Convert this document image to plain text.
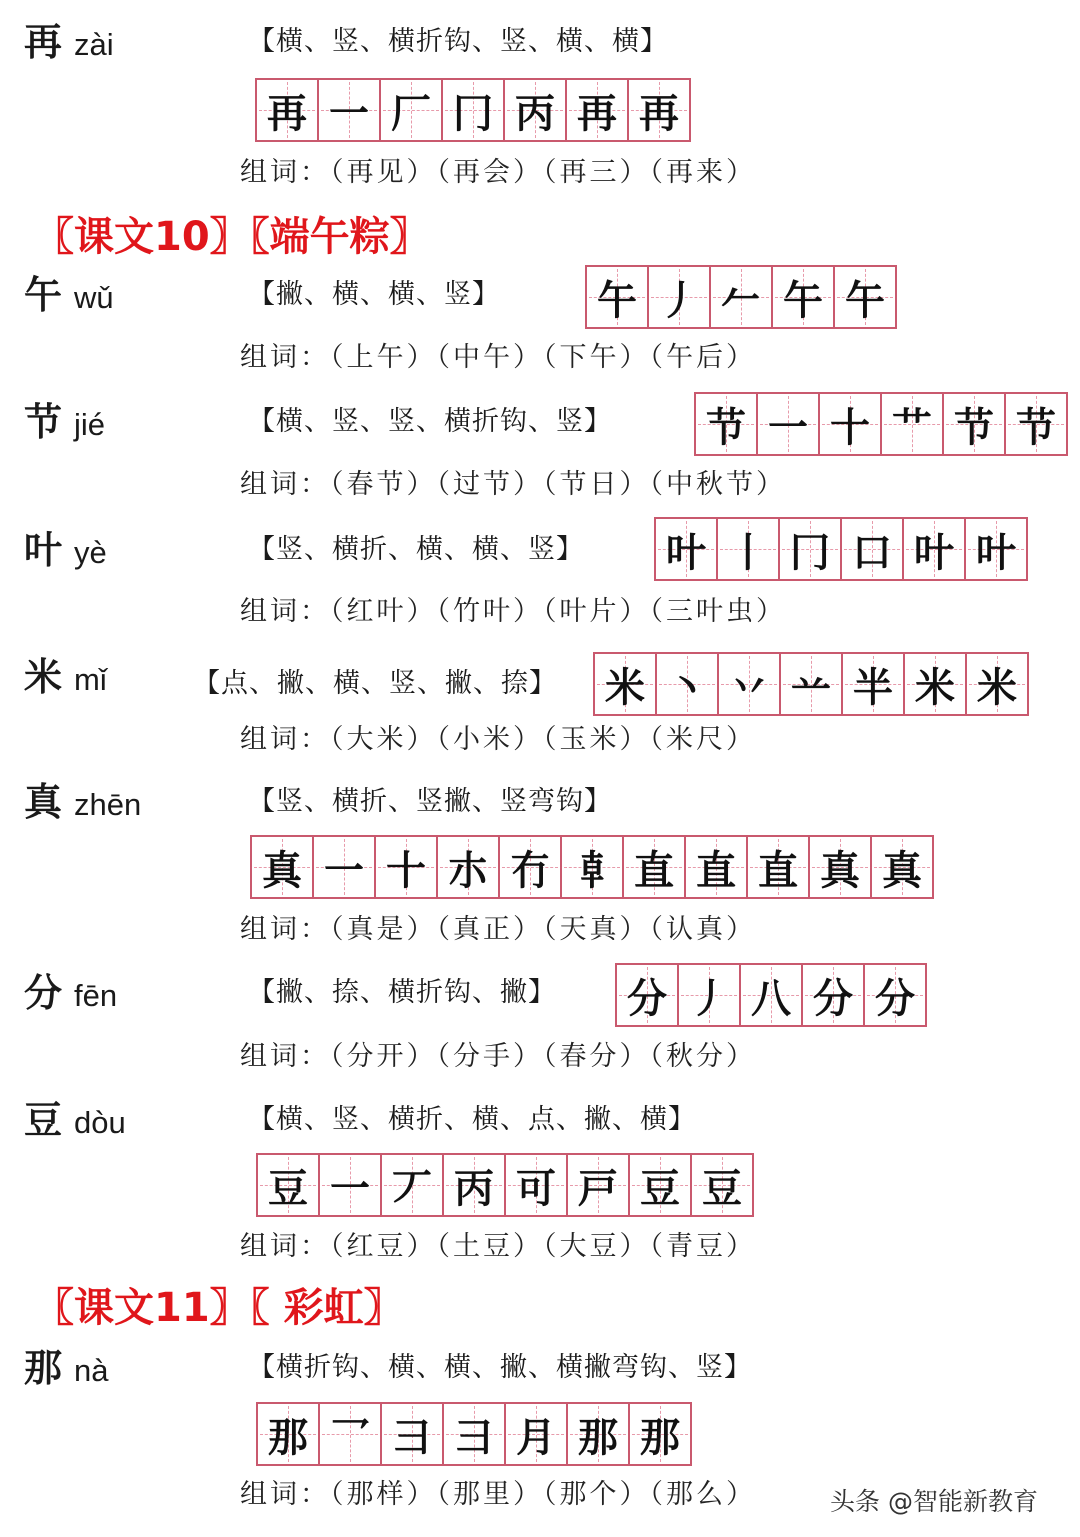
〖课文10〗〖端午粽〗
〖课文11〗〖 彩虹〗
再 zài	【横、竖、横折钩、竖、横、横】
再 一 厂 冂 丙 再 再
组词：（再见）（再会）（再三）（再来）
午 wǔ	【撇、横、横、竖】 午 丿 𠂉 午 午
组词：（上午）（中午）（下午）（午后）
节 jié	【横、竖、竖、横折钩、竖】 节 一 十 艹 节 节
组词：（春节）（过节）（节日）（中秋节）
叶 yè	【竖、横折、横、横、竖】 叶 丨 冂 口 叶 叶
组词：（红叶）（竹叶）（叶片）（三叶虫）
米 mǐ	【点、撇、横、竖、撇、捺】 米 丶 丷 䒑 半 米 米
组词：（大米）（小米）（玉米）（米尺）
真 zhēn	【竖、横折、竖撇、竖弯钩】
真 一 十 朩 冇 𠦝 直 直 直 真 真
组词：（真是）（真正）（天真）（认真）
分 fēn	【撇、捺、横折钩、撇】 分 丿 八 分 分
组词：（分开）（分手）（春分）（秋分）
豆 dòu	【横、竖、横折、横、点、撇、横】
豆 一 丆 丙 可 戸 豆 豆
组词：（红豆）（土豆）（大豆）（青豆）
那 nà	【横折钩、横、横、撇、横撇弯钩、竖】
那 乛 彐 彐 月 那 那
组词：（那样）（那里）（那个）（那么）	头条 @智能新教育
